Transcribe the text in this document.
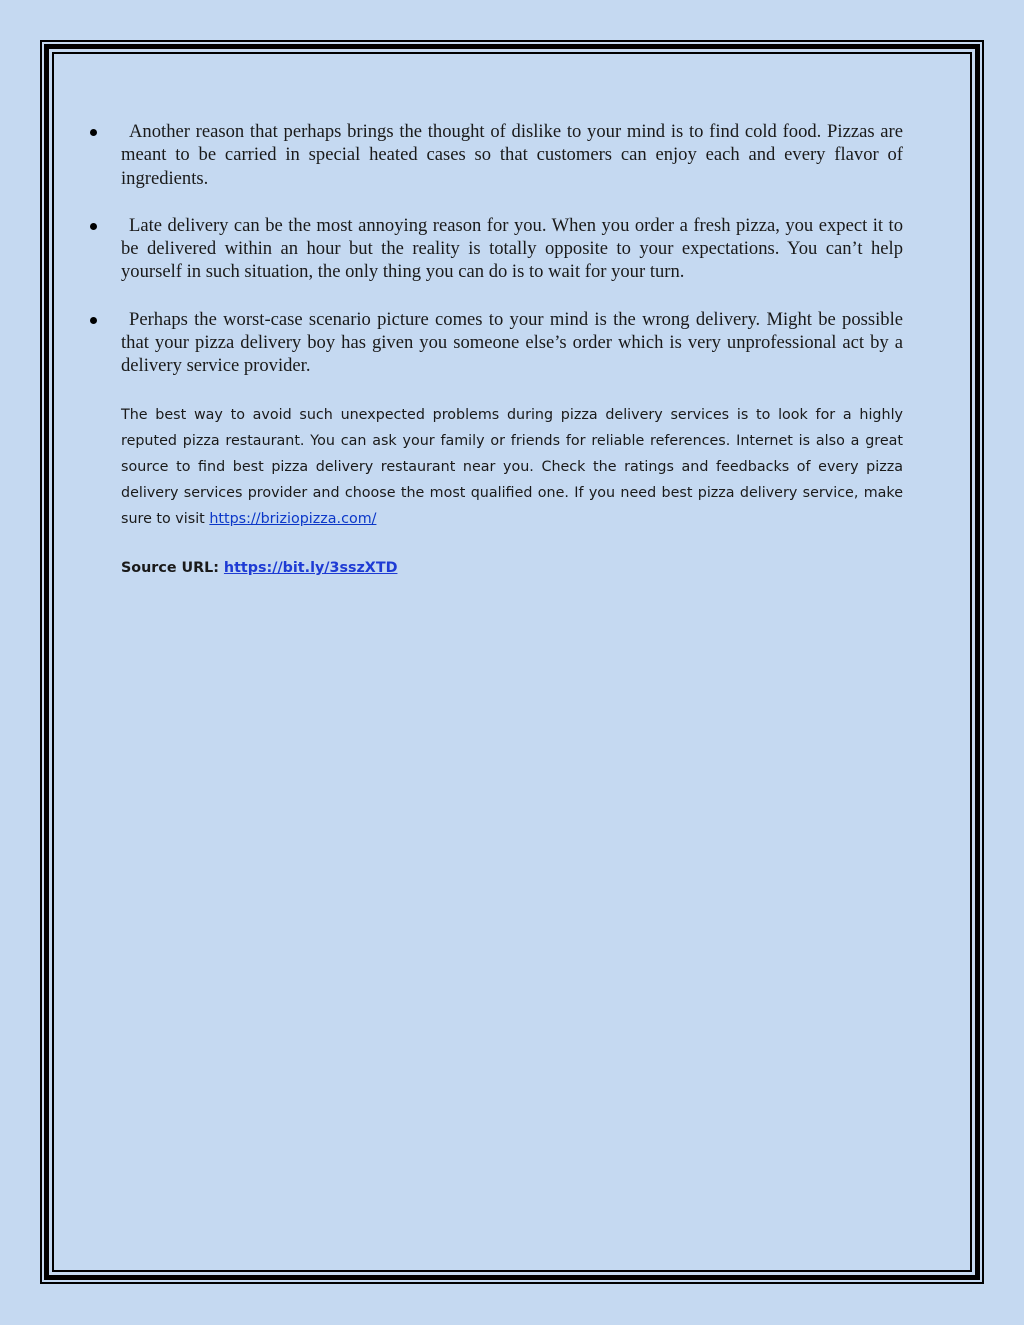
Another reason that perhaps brings the thought of dislike to your mind is to find cold food. Pizzas are meant to be carried in special heated cases so that customers can enjoy each and every flavor of ingredients.
Late delivery can be the most annoying reason for you. When you order a fresh pizza, you expect it to be delivered within an hour but the reality is totally opposite to your expectations. You can’t help yourself in such situation, the only thing you can do is to wait for your turn.
Perhaps the worst-case scenario picture comes to your mind is the wrong delivery. Might be possible that your pizza delivery boy has given you someone else’s order which is very unprofessional act by a delivery service provider.

The best way to avoid such unexpected problems during pizza delivery services is to look for a highly reputed pizza restaurant. You can ask your family or friends for reliable references. Internet is also a great source to find best pizza delivery restaurant near you. Check the ratings and feedbacks of every pizza delivery services provider and choose the most qualified one. If you need best pizza delivery service, make sure to visit https://briziopizza.com/

Source URL: https://bit.ly/3sszXTD
